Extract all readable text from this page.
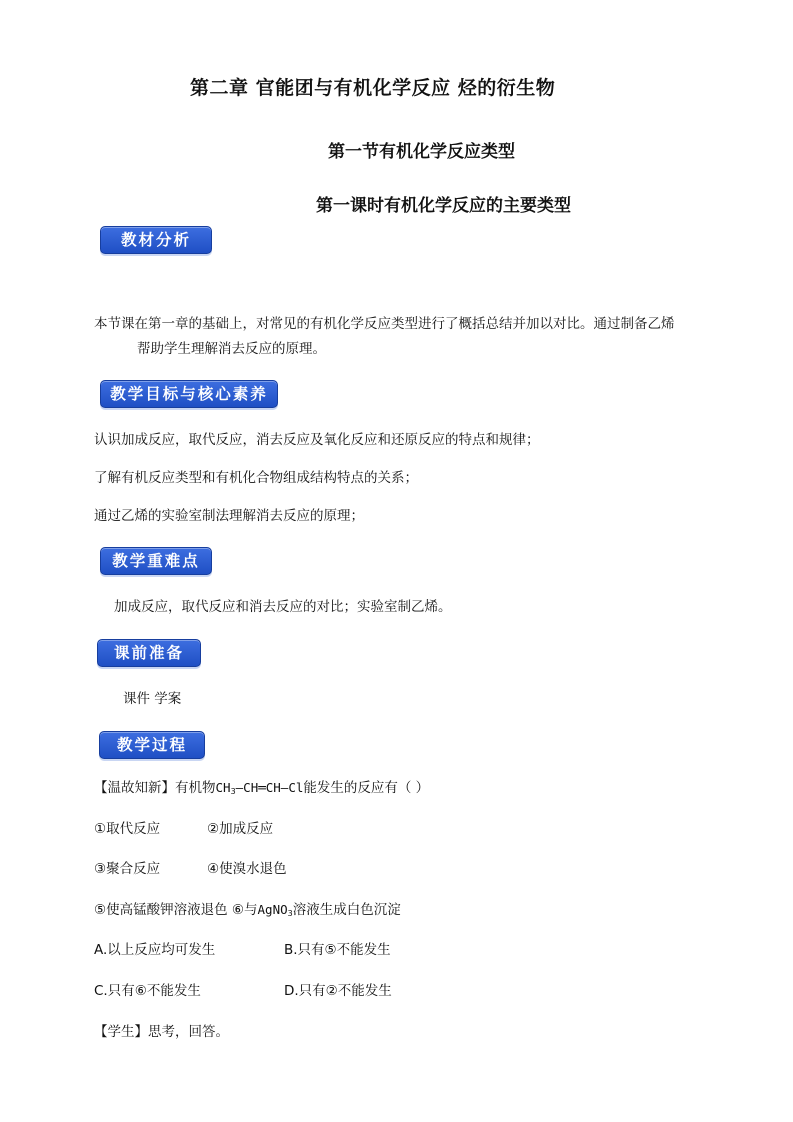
第二章 官能团与有机化学反应 烃的衍生物
第一节有机化学反应类型
第一课时有机化学反应的主要类型
教材分析
本节课在第一章的基础上，对常见的有机化学反应类型进行了概括总结并加以对比。通过制备乙烯
帮助学生理解消去反应的原理。
教学目标与核心素养
认识加成反应，取代反应，消去反应及氧化反应和还原反应的特点和规律；
了解有机反应类型和有机化合物组成结构特点的关系；
通过乙烯的实验室制法理解消去反应的原理；
教学重难点
加成反应，取代反应和消去反应的对比；实验室制乙烯。
课前准备
课件 学案
教学过程
【温故知新】有机物$CH_3—CH═CH—Cl$能发生的反应有（ ）
①取代反应	②加成反应
③聚合反应	④使溴水退色
⑤使高锰酸钾溶液退色 ⑥与AgNO$_3$溶液生成白色沉淀
A.以上反应均可发生	B.只有⑤不能发生
C.只有⑥不能发生	D.只有②不能发生
【学生】思考，回答。
